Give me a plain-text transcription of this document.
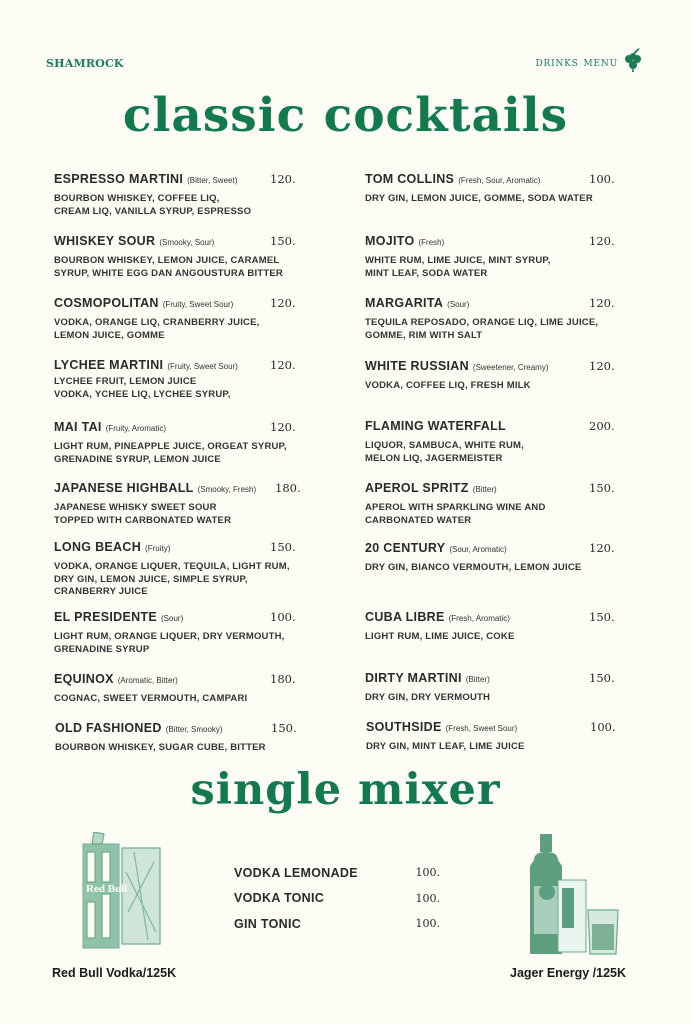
SHAMROCK	drinks menu
classic cocktails
ESPRESSO MARTINI (Bitter, Sweet)	120.
BOURBON WHISKEY, COFFEE LIQ,
CREAM LIQ, VANILLA SYRUP, ESPRESSO
WHISKEY SOUR (Smooky, Sour)	150.
BOURBON WHISKEY, LEMON JUICE, CARAMEL
SYRUP, WHITE EGG DAN ANGOUSTURA BITTER
COSMOPOLITAN (Fruity, Sweet Sour)	120.
VODKA, ORANGE LIQ, CRANBERRY JUICE,
LEMON JUICE, GOMME
LYCHEE MARTINI (Fruity, Sweet Sour)	120.
LYCHEE FRUIT, LEMON JUICE
VODKA, YCHEE LIQ, LYCHEE SYRUP,
MAI TAI (Fruity, Aromatic)	120.
LIGHT RUM, PINEAPPLE JUICE, ORGEAT SYRUP,
GRENADINE SYRUP, LEMON JUICE
JAPANESE HIGHBALL (Smooky, Fresh) 180.
JAPANESE WHISKY SWEET SOUR
TOPPED WITH CARBONATED WATER
LONG BEACH (Fruity)	150.
VODKA, ORANGE LIQUER, TEQUILA, LIGHT RUM,
DRY GIN, LEMON JUICE, SIMPLE SYRUP,
CRANBERRY JUICE
EL PRESIDENTE (Sour)	100.
LIGHT RUM, ORANGE LIQUER, DRY VERMOUTH,
GRENADINE SYRUP
EQUINOX (Aromatic, Bitter)	180.
COGNAC, SWEET VERMOUTH, CAMPARI
OLD FASHIONED (Bitter, Smooky)	150.
BOURBON WHISKEY, SUGAR CUBE, BITTER
TOM COLLINS (Fresh, Sour, Aromatic)	100.
DRY GIN, LEMON JUICE, GOMME, SODA WATER
MOJITO (Fresh)	120.
WHITE RUM, LIME JUICE, MINT SYRUP,
MINT LEAF, SODA WATER
MARGARITA (Sour)	120.
TEQUILA REPOSADO, ORANGE LIQ, LIME JUICE,
GOMME, RIM WITH SALT
WHITE RUSSIAN (Sweetener, Creamy)	120.
VODKA, COFFEE LIQ, FRESH MILK
FLAMING WATERFALL	200.
LIQUOR, SAMBUCA, WHITE RUM,
MELON LIQ, JAGERMEISTER
APEROL SPRITZ (Bitter)	150.
APEROL WITH SPARKLING WINE AND
CARBONATED WATER
20 CENTURY (Sour, Aromatic)	120.
DRY GIN, BIANCO VERMOUTH, LEMON JUICE
CUBA LIBRE (Fresh, Aromatic)	150.
LIGHT RUM, LIME JUICE, COKE
DIRTY MARTINI (Bitter)	150.
DRY GIN, DRY VERMOUTH
SOUTHSIDE (Fresh, Sweet Sour)	100.
DRY GIN, MINT LEAF, LIME JUICE
single mixer
Red Bull
Red Bull Vodka/125K
VODKA LEMONADE	100.
VODKA TONIC	100.
GIN TONIC	100.
Jager Energy /125K
